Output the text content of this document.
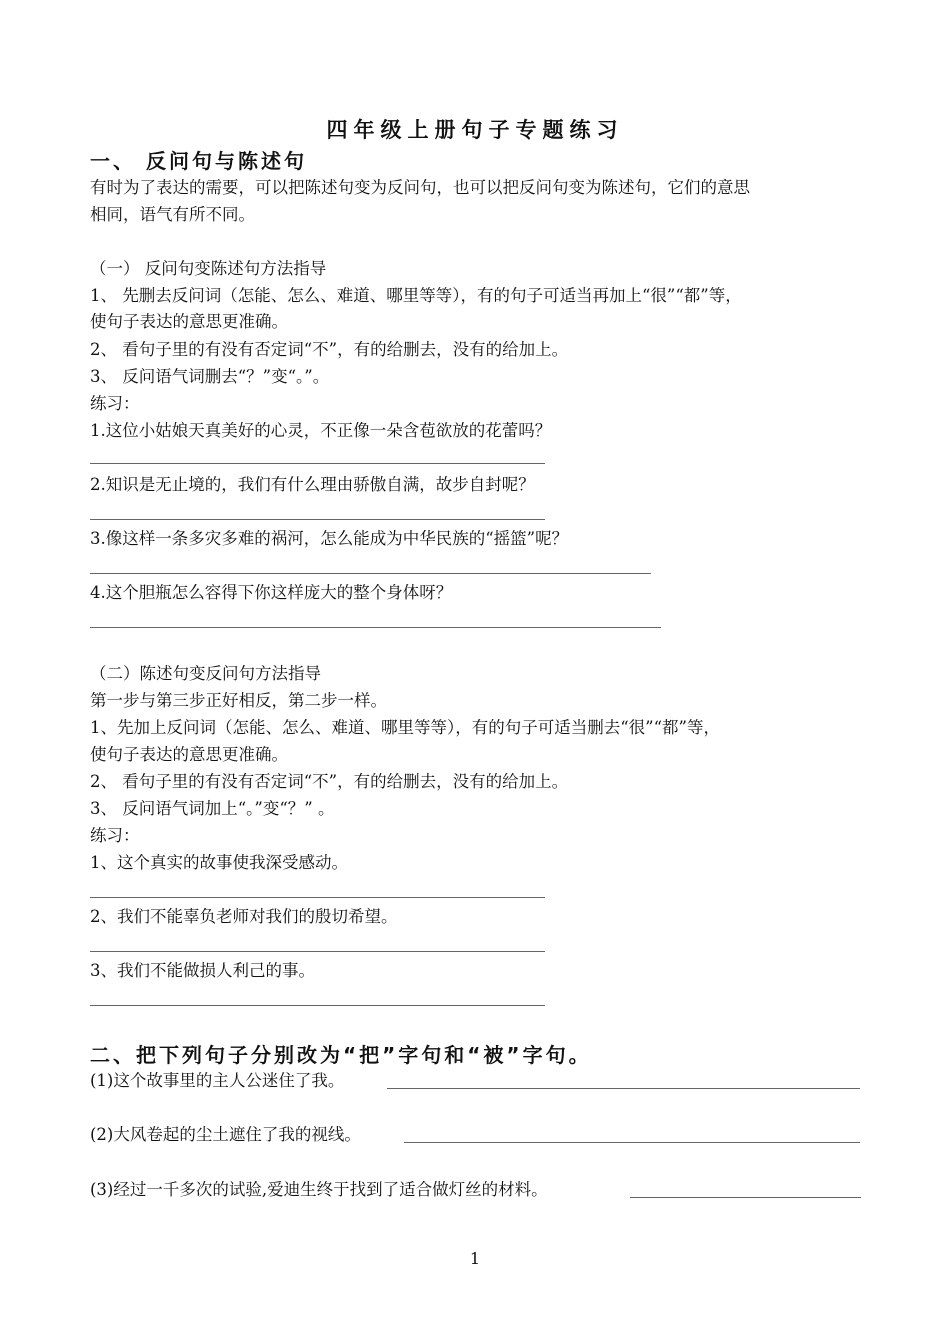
四年级上册句子专题练习
一、 反问句与陈述句
有时为了表达的需要，可以把陈述句变为反问句，也可以把反问句变为陈述句，它们的意思
相同，语气有所不同。
（一） 反问句变陈述句方法指导
1、 先删去反问词（怎能、怎么、难道、哪里等等），有的句子可适当再加上“很”“都”等，
使句子表达的意思更准确。
2、 看句子里的有没有否定词“不”，有的给删去，没有的给加上。
3、 反问语气词删去“？”变“。”。
练习：
1.这位小姑娘天真美好的心灵，不正像一朵含苞欲放的花蕾吗？
2.知识是无止境的，我们有什么理由骄傲自满，故步自封呢？
3.像这样一条多灾多难的祸河，怎么能成为中华民族的“摇篮”呢？
4.这个胆瓶怎么容得下你这样庞大的整个身体呀？
（二）陈述句变反问句方法指导
第一步与第三步正好相反，第二步一样。
1、先加上反问词（怎能、怎么、难道、哪里等等），有的句子可适当删去“很”“都”等，
使句子表达的意思更准确。
2、 看句子里的有没有否定词“不”，有的给删去，没有的给加上。
3、 反问语气词加上“。”变“？” 。
练习：
1、这个真实的故事使我深受感动。
2、我们不能辜负老师对我们的殷切希望。
3、我们不能做损人利己的事。
二、把下列句子分别改为“把”字句和“被”字句。
(1)这个故事里的主人公迷住了我。
(2)大风卷起的尘土遮住了我的视线。
(3)经过一千多次的试验,爱迪生终于找到了适合做灯丝的材料。
1
